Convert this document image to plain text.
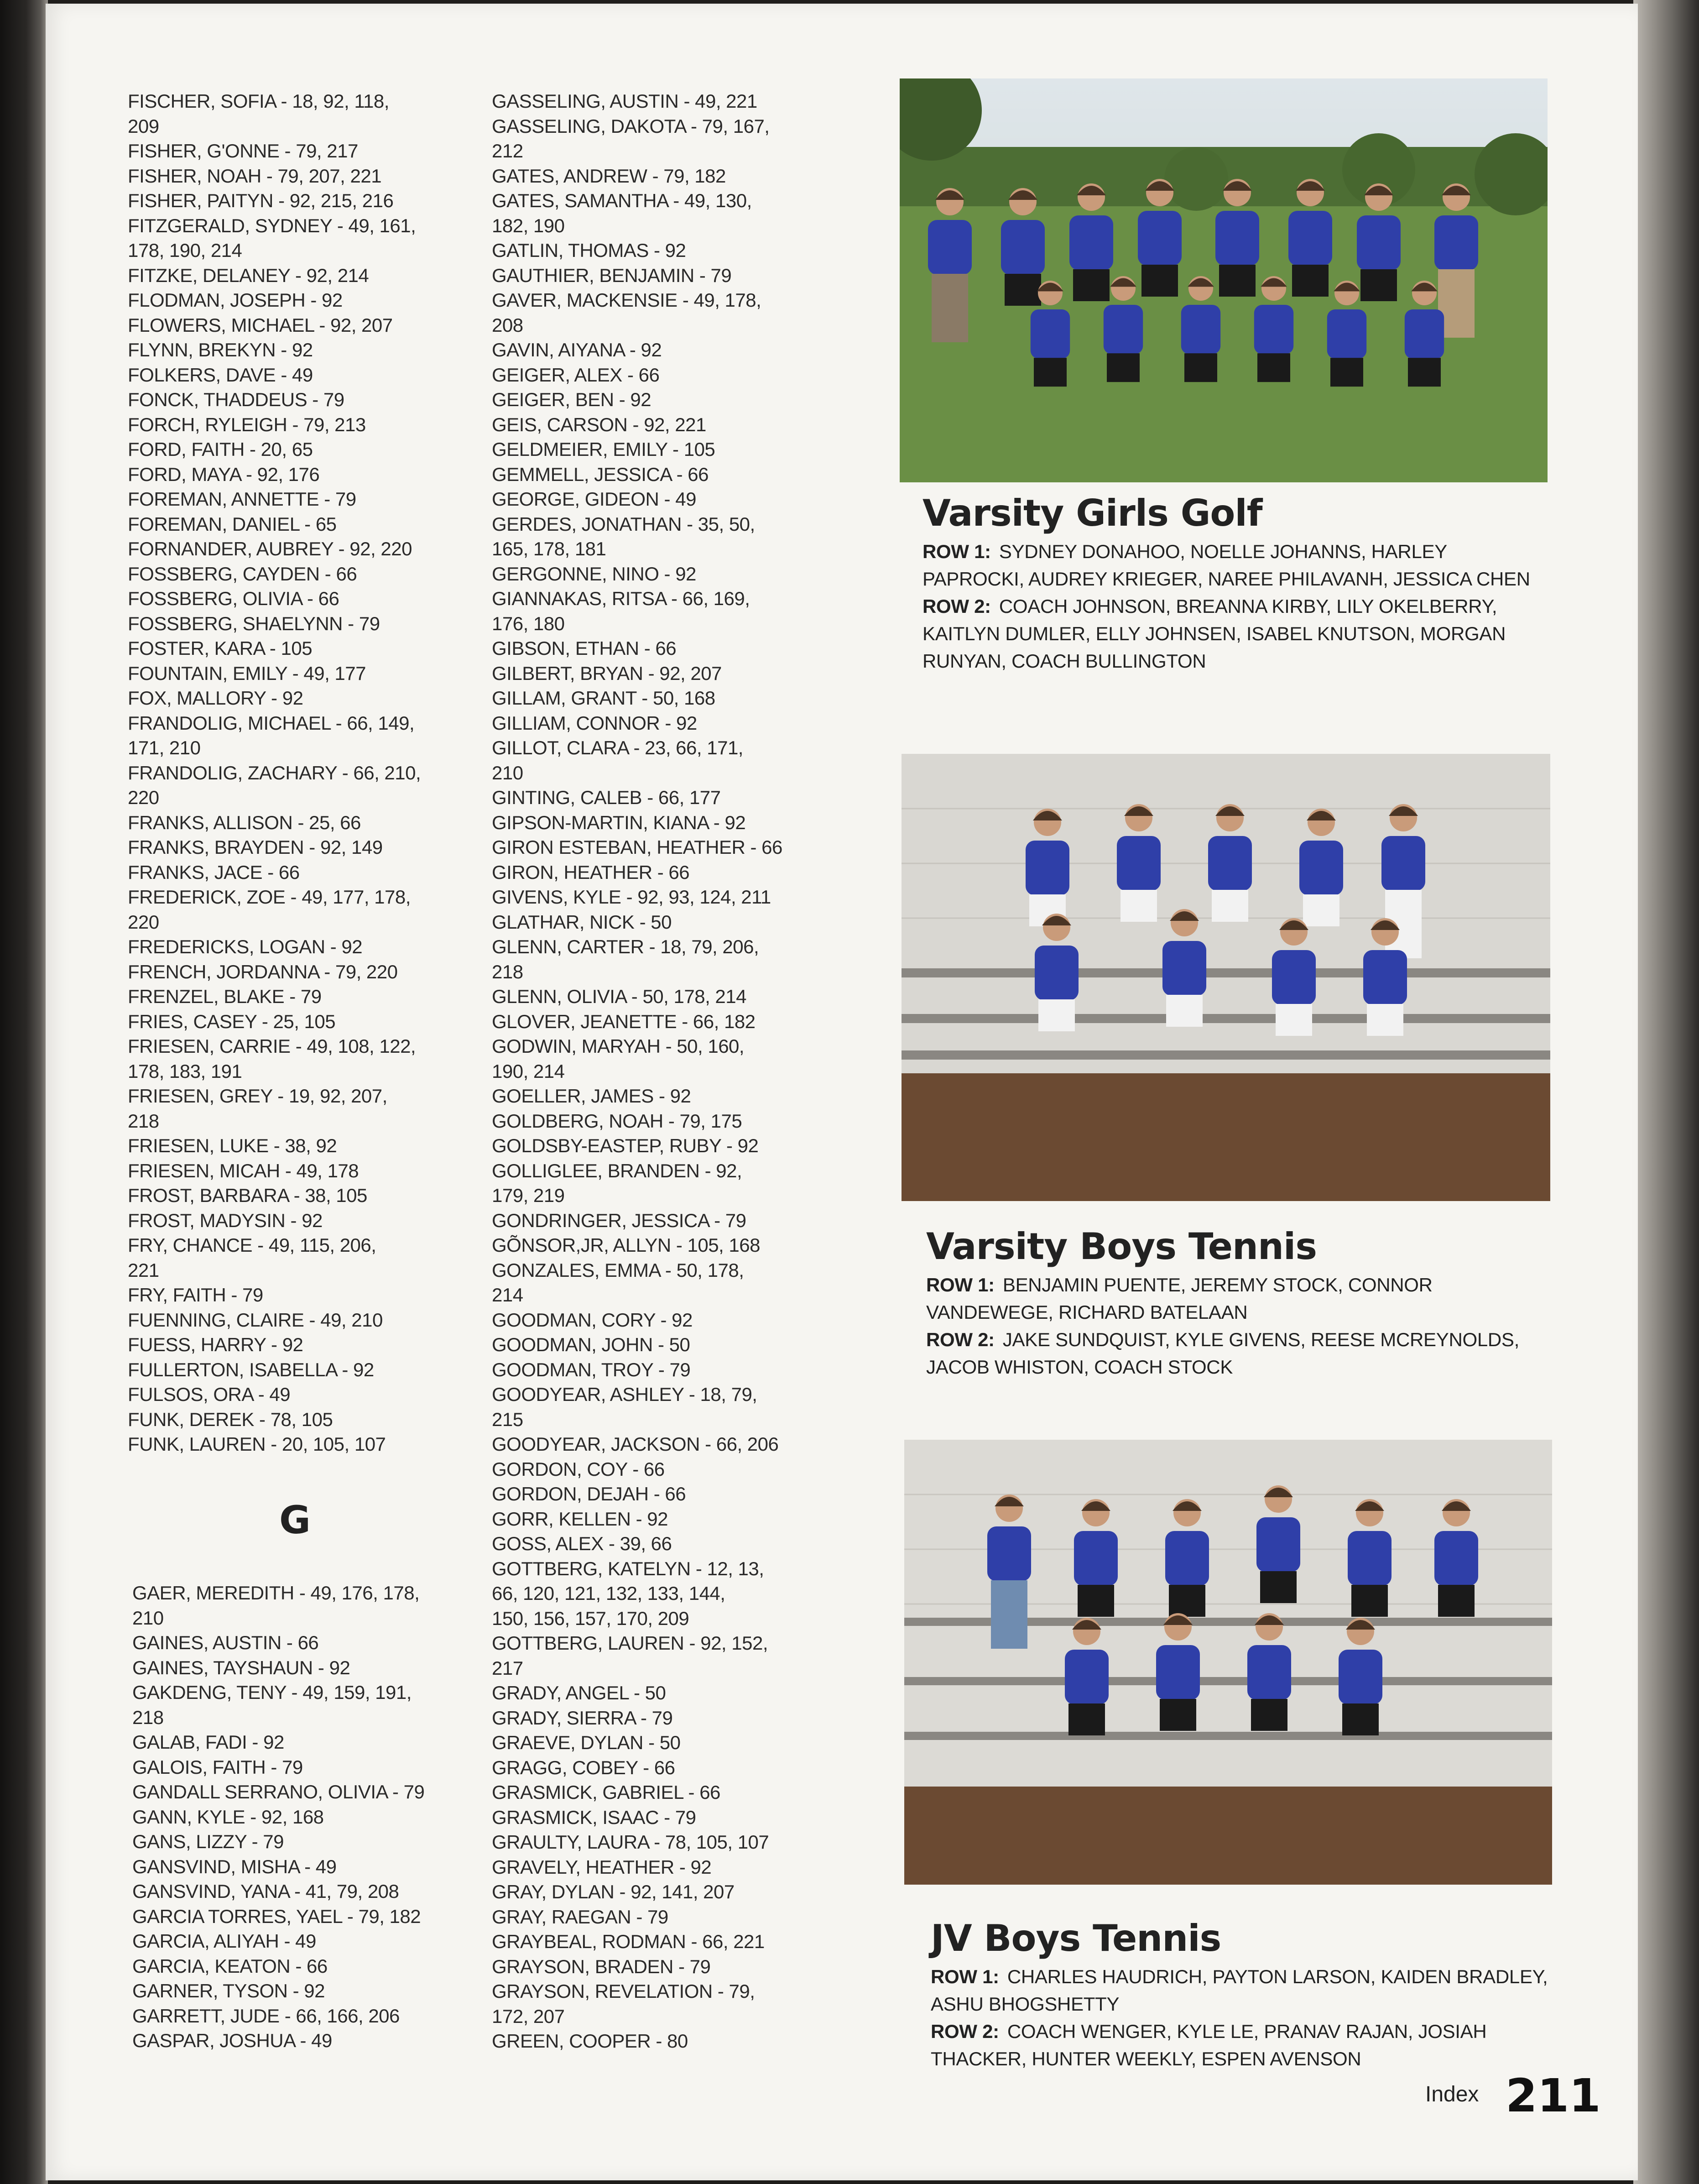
FISCHER, SOFIA - 18, 92, 118,
209
FISHER, G'ONNE - 79, 217
FISHER, NOAH - 79, 207, 221
FISHER, PAITYN - 92, 215, 216
FITZGERALD, SYDNEY - 49, 161,
178, 190, 214
FITZKE, DELANEY - 92, 214
FLODMAN, JOSEPH - 92
FLOWERS, MICHAEL - 92, 207
FLYNN, BREKYN - 92
FOLKERS, DAVE - 49
FONCK, THADDEUS - 79
FORCH, RYLEIGH - 79, 213
FORD, FAITH - 20, 65
FORD, MAYA - 92, 176
FOREMAN, ANNETTE - 79
FOREMAN, DANIEL - 65
FORNANDER, AUBREY - 92, 220
FOSSBERG, CAYDEN - 66
FOSSBERG, OLIVIA - 66
FOSSBERG, SHAELYNN - 79
FOSTER, KARA - 105
FOUNTAIN, EMILY - 49, 177
FOX, MALLORY - 92
FRANDOLIG, MICHAEL - 66, 149,
171, 210
FRANDOLIG, ZACHARY - 66, 210,
220
FRANKS, ALLISON - 25, 66
FRANKS, BRAYDEN - 92, 149
FRANKS, JACE - 66
FREDERICK, ZOE - 49, 177, 178,
220
FREDERICKS, LOGAN - 92
FRENCH, JORDANNA - 79, 220
FRENZEL, BLAKE - 79
FRIES, CASEY - 25, 105
FRIESEN, CARRIE - 49, 108, 122,
178, 183, 191
FRIESEN, GREY - 19, 92, 207,
218
FRIESEN, LUKE - 38, 92
FRIESEN, MICAH - 49, 178
FROST, BARBARA - 38, 105
FROST, MADYSIN - 92
FRY, CHANCE - 49, 115, 206,
221
FRY, FAITH - 79
FUENNING, CLAIRE - 49, 210
FUESS, HARRY - 92
FULLERTON, ISABELLA - 92
FULSOS, ORA - 49
FUNK, DEREK - 78, 105
FUNK, LAUREN - 20, 105, 107
G
GAER, MEREDITH - 49, 176, 178,
210
GAINES, AUSTIN - 66
GAINES, TAYSHAUN - 92
GAKDENG, TENY - 49, 159, 191,
218
GALAB, FADI - 92
GALOIS, FAITH - 79
GANDALL SERRANO, OLIVIA - 79
GANN, KYLE - 92, 168
GANS, LIZZY - 79
GANSVIND, MISHA - 49
GANSVIND, YANA - 41, 79, 208
GARCIA TORRES, YAEL - 79, 182
GARCIA, ALIYAH - 49
GARCIA, KEATON - 66
GARNER, TYSON - 92
GARRETT, JUDE - 66, 166, 206
GASPAR, JOSHUA - 49
GASSELING, AUSTIN - 49, 221
GASSELING, DAKOTA - 79, 167,
212
GATES, ANDREW - 79, 182
GATES, SAMANTHA - 49, 130,
182, 190
GATLIN, THOMAS - 92
GAUTHIER, BENJAMIN - 79
GAVER, MACKENSIE - 49, 178,
208
GAVIN, AIYANA - 92
GEIGER, ALEX - 66
GEIGER, BEN - 92
GEIS, CARSON - 92, 221
GELDMEIER, EMILY - 105
GEMMELL, JESSICA - 66
GEORGE, GIDEON - 49
GERDES, JONATHAN - 35, 50,
165, 178, 181
GERGONNE, NINO - 92
GIANNAKAS, RITSA - 66, 169,
176, 180
GIBSON, ETHAN - 66
GILBERT, BRYAN - 92, 207
GILLAM, GRANT - 50, 168
GILLIAM, CONNOR - 92
GILLOT, CLARA - 23, 66, 171,
210
GINTING, CALEB - 66, 177
GIPSON-MARTIN, KIANA - 92
GIRON ESTEBAN, HEATHER - 66
GIRON, HEATHER - 66
GIVENS, KYLE - 92, 93, 124, 211
GLATHAR, NICK - 50
GLENN, CARTER - 18, 79, 206,
218
GLENN, OLIVIA - 50, 178, 214
GLOVER, JEANETTE - 66, 182
GODWIN, MARYAH - 50, 160,
190, 214
GOELLER, JAMES - 92
GOLDBERG, NOAH - 79, 175
GOLDSBY-EASTEP, RUBY - 92
GOLLIGLEE, BRANDEN - 92,
179, 219
GONDRINGER, JESSICA - 79
GÕNSOR,JR, ALLYN - 105, 168
GONZALES, EMMA - 50, 178,
214
GOODMAN, CORY - 92
GOODMAN, JOHN - 50
GOODMAN, TROY - 79
GOODYEAR, ASHLEY - 18, 79,
215
GOODYEAR, JACKSON - 66, 206
GORDON, COY - 66
GORDON, DEJAH - 66
GORR, KELLEN - 92
GOSS, ALEX - 39, 66
GOTTBERG, KATELYN - 12, 13,
66, 120, 121, 132, 133, 144,
150, 156, 157, 170, 209
GOTTBERG, LAUREN - 92, 152,
217
GRADY, ANGEL - 50
GRADY, SIERRA - 79
GRAEVE, DYLAN - 50
GRAGG, COBEY - 66
GRASMICK, GABRIEL - 66
GRASMICK, ISAAC - 79
GRAULTY, LAURA - 78, 105, 107
GRAVELY, HEATHER - 92
GRAY, DYLAN - 92, 141, 207
GRAY, RAEGAN - 79
GRAYBEAL, RODMAN - 66, 221
GRAYSON, BRADEN - 79
GRAYSON, REVELATION - 79,
172, 207
GREEN, COOPER - 80
Varsity Girls Golf

ROW 1: SYDNEY DONAHOO, NOELLE JOHANNS, HARLEY PAPROCKI, AUDREY KRIEGER, NAREE PHILAVANH, JESSICA CHEN

ROW 2: COACH JOHNSON, BREANNA KIRBY, LILY OKELBERRY, KAITLYN DUMLER, ELLY JOHNSEN, ISABEL KNUTSON, MORGAN RUNYAN, COACH BULLINGTON

Varsity Boys Tennis

ROW 1: BENJAMIN PUENTE, JEREMY STOCK, CONNOR VANDEWEGE, RICHARD BATELAAN

ROW 2: JAKE SUNDQUIST, KYLE GIVENS, REESE MCREYNOLDS, JACOB WHISTON, COACH STOCK

JV Boys Tennis

ROW 1: CHARLES HAUDRICH, PAYTON LARSON, KAIDEN BRADLEY, ASHU BHOGSHETTY

ROW 2: COACH WENGER, KYLE LE, PRANAV RAJAN, JOSIAH THACKER, HUNTER WEEKLY, ESPEN AVENSON

Index 211
